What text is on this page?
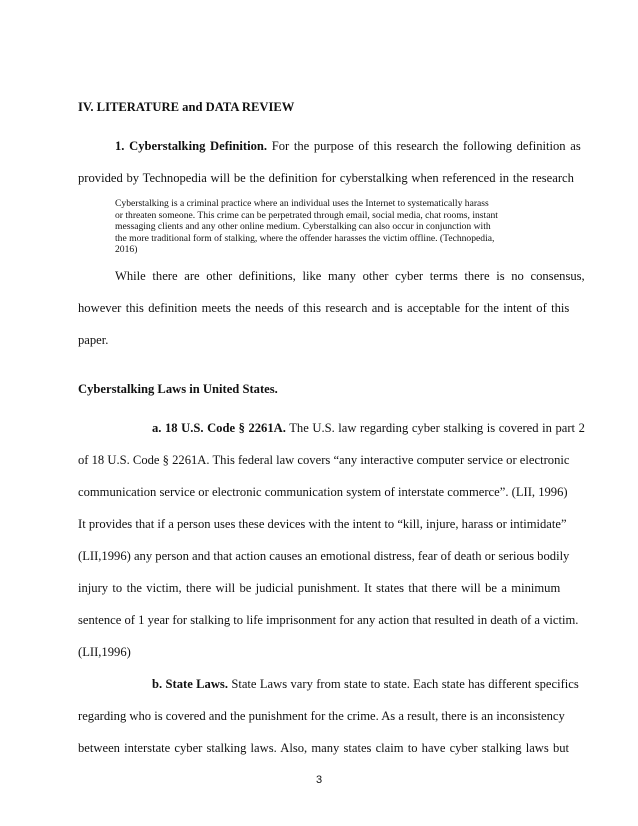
IV. LITERATURE and DATA REVIEW
1. Cyberstalking Definition. For the purpose of this research the following definition as
provided by Technopedia will be the definition for cyberstalking when referenced in the research
Cyberstalking is a criminal practice where an individual uses the Internet to systematically harass
or threaten someone. This crime can be perpetrated through email, social media, chat rooms, instant
messaging clients and any other online medium. Cyberstalking can also occur in conjunction with
the more traditional form of stalking, where the offender harasses the victim offline. (Technopedia,
2016)
While there are other definitions, like many other cyber terms there is no consensus,
however this definition meets the needs of this research and is acceptable for the intent of this
paper.
Cyberstalking Laws in United States.
a. 18 U.S. Code § 2261A. The U.S. law regarding cyber stalking is covered in part 2
of 18 U.S. Code § 2261A. This federal law covers “any interactive computer service or electronic
communication service or electronic communication system of interstate commerce”. (LII, 1996)
It provides that if a person uses these devices with the intent to “kill, injure, harass or intimidate”
(LII,1996) any person and that action causes an emotional distress, fear of death or serious bodily
injury to the victim, there will be judicial punishment. It states that there will be a minimum
sentence of 1 year for stalking to life imprisonment for any action that resulted in death of a victim.
(LII,1996)
b. State Laws. State Laws vary from state to state. Each state has different specifics
regarding who is covered and the punishment for the crime. As a result, there is an inconsistency
between interstate cyber stalking laws. Also, many states claim to have cyber stalking laws but
3
